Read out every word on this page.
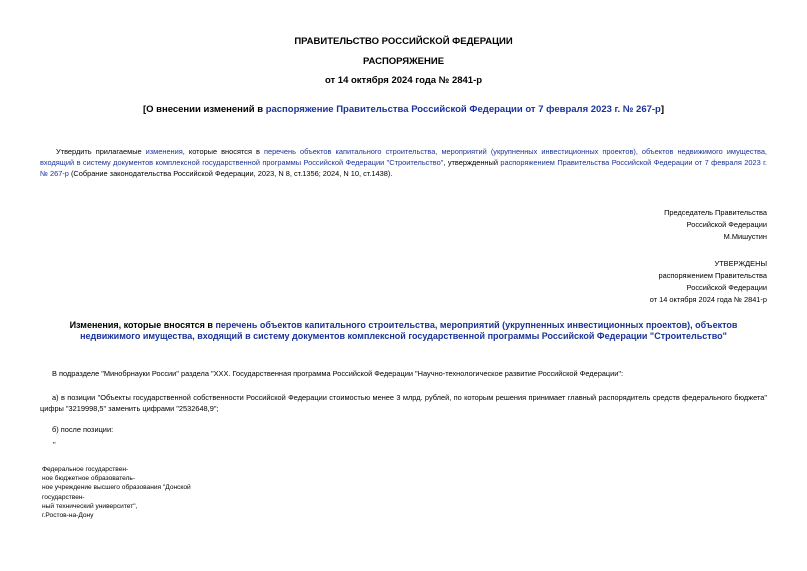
ПРАВИТЕЛЬСТВО РОССИЙСКОЙ ФЕДЕРАЦИИ
РАСПОРЯЖЕНИЕ
от 14 октября 2024 года № 2841-р
[О внесении изменений в распоряжение Правительства Российской Федерации от 7 февраля 2023 г. № 267-р]
Утвердить прилагаемые изменения, которые вносятся в перечень объектов капитального строительства, мероприятий (укрупненных инвестиционных проектов), объектов недвижимого имущества, входящий в систему документов комплексной государственной программы Российской Федерации "Строительство", утвержденный распоряжением Правительства Российской Федерации от 7 февраля 2023 г. № 267-р (Собрание законодательства Российской Федерации, 2023, N 8, ст.1356; 2024, N 10, ст.1438).
Председатель Правительства
Российской Федерации
М.Мишустин
УТВЕРЖДЕНЫ
распоряжением Правительства
Российской Федерации
от 14 октября 2024 года № 2841-р
Изменения, которые вносятся в перечень объектов капитального строительства, мероприятий (укрупненных инвестиционных проектов), объектов недвижимого имущества, входящий в систему документов комплексной государственной программы Российской Федерации "Строительство"
В подразделе "Минобрнауки России" раздела "XXX. Государственная программа Российской Федерации "Научно-технологическое развитие Российской Федерации":
а) в позиции "Объекты государственной собственности Российской Федерации стоимостью менее 3 млрд. рублей, по которым решения принимает главный распорядитель средств федерального бюджета" цифры "3219998,5" заменить цифрами "2532648,9";
б) после позиции:
"
Федеральное государствен-
ное бюджетное образователь-
ное учреждение высшего образования "Донской
государствен-
ный технический университет",
г.Ростов-на-Дону
